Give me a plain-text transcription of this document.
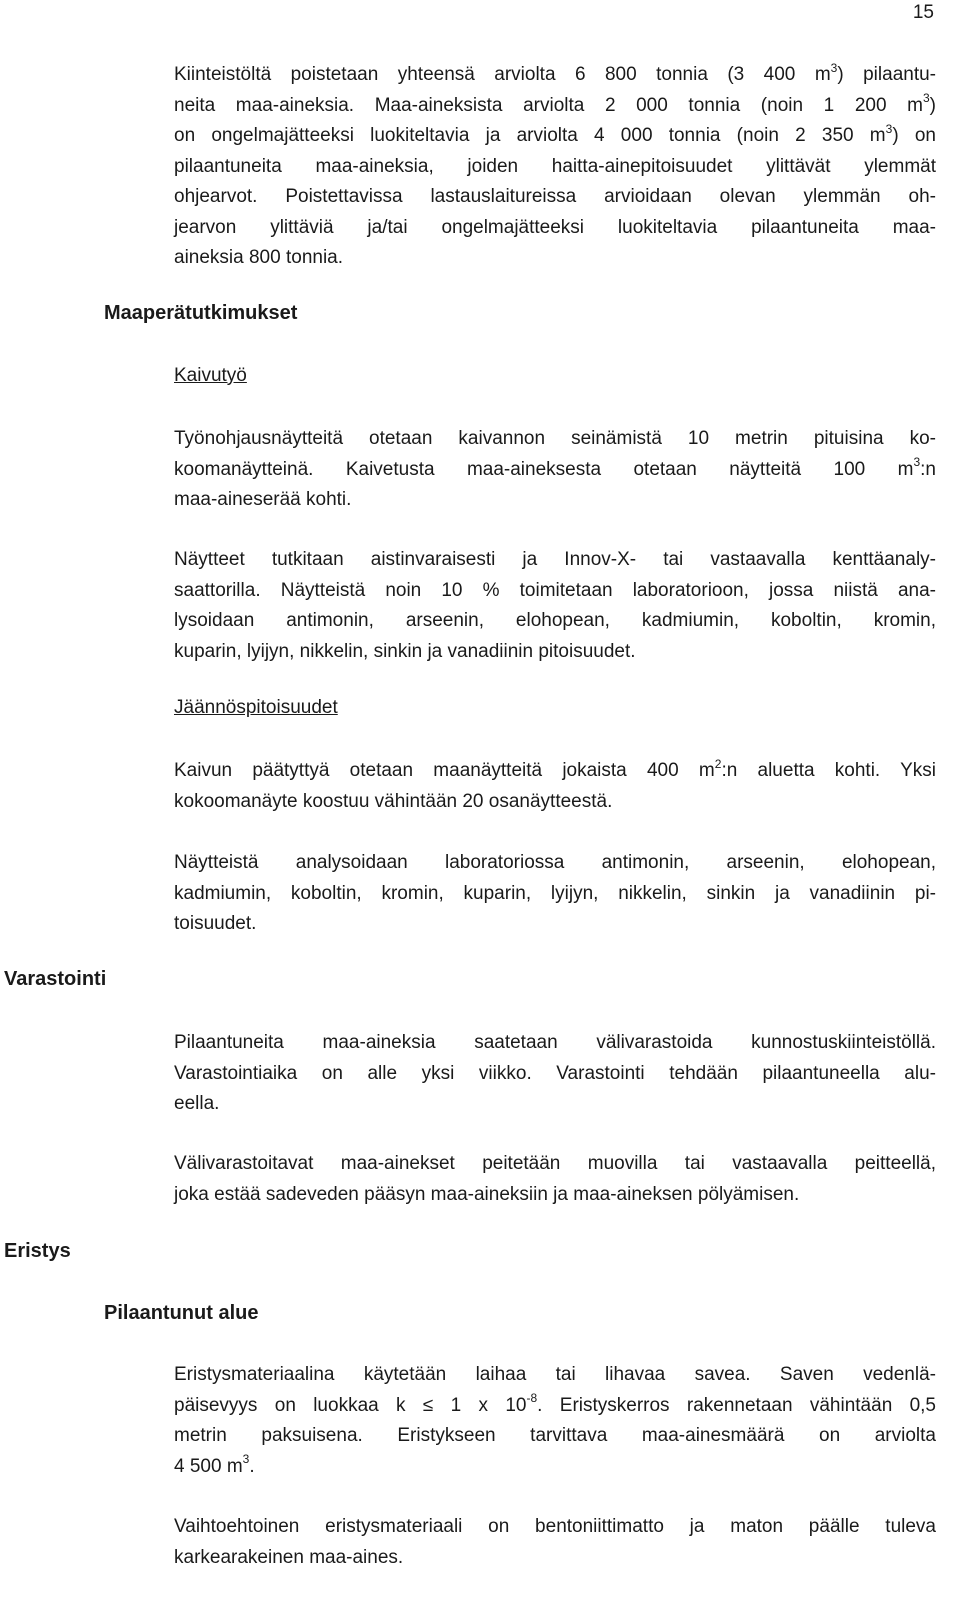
15
Kiinteistöltä poistetaan yhteensä arviolta 6 800 tonnia (3 400 $m^3$) pilaantu-
neita maa-aineksia. Maa-aineksista arviolta 2 000 tonnia (noin 1 200 $m^3$)
on ongelmajätteeksi luokiteltavia ja arviolta 4 000 tonnia (noin 2 350 $m^3$) on
pilaantuneita maa-aineksia, joiden haitta-ainepitoisuudet ylittävät ylemmät
ohjearvot. Poistettavissa lastauslaitureissa arvioidaan olevan ylemmän oh-
jearvon ylittäviä ja/tai ongelmajätteeksi luokiteltavia pilaantuneita maa-
aineksia 800 tonnia.
Maaperätutkimukset
Kaivutyö
Työnohjausnäytteitä otetaan kaivannon seinämistä 10 metrin pituisina ko-
koomanäytteinä. Kaivetusta maa-aineksesta otetaan näytteitä 100 $m^3:n$
maa-aineserää kohti.
Näytteet tutkitaan aistinvaraisesti ja Innov-X- tai vastaavalla kenttäanaly-
saattorilla. Näytteistä noin 10 % toimitetaan laboratorioon, jossa niistä ana-
lysoidaan antimonin, arseenin, elohopean, kadmiumin, koboltin, kromin,
kuparin, lyijyn, nikkelin, sinkin ja vanadiinin pitoisuudet.
Jäännöspitoisuudet
Kaivun päätyttyä otetaan maanäytteitä jokaista 400 $m^2:n$ aluetta kohti. Yksi
kokoomanäyte koostuu vähintään 20 osanäytteestä.
Näytteistä analysoidaan laboratoriossa antimonin, arseenin, elohopean,
kadmiumin, koboltin, kromin, kuparin, lyijyn, nikkelin, sinkin ja vanadiinin pi-
toisuudet.
Varastointi
Pilaantuneita maa-aineksia saatetaan välivarastoida kunnostuskiinteistöllä.
Varastointiaika on alle yksi viikko. Varastointi tehdään pilaantuneella alu-
eella.
Välivarastoitavat maa-ainekset peitetään muovilla tai vastaavalla peitteellä,
joka estää sadeveden pääsyn maa-aineksiin ja maa-aineksen pölyämisen.
Eristys
Pilaantunut alue
Eristysmateriaalina käytetään laihaa tai lihavaa savea. Saven vedenlä-
päisevyys on luokkaa k ≤ 1 x $10^{-8}$. Eristyskerros rakennetaan vähintään 0,5
metrin paksuisena. Eristykseen tarvittava maa-ainesmäärä on arviolta
4 500 $m^3$.
Vaihtoehtoinen eristysmateriaali on bentoniittimatto ja maton päälle tuleva
karkearakeinen maa-aines.
